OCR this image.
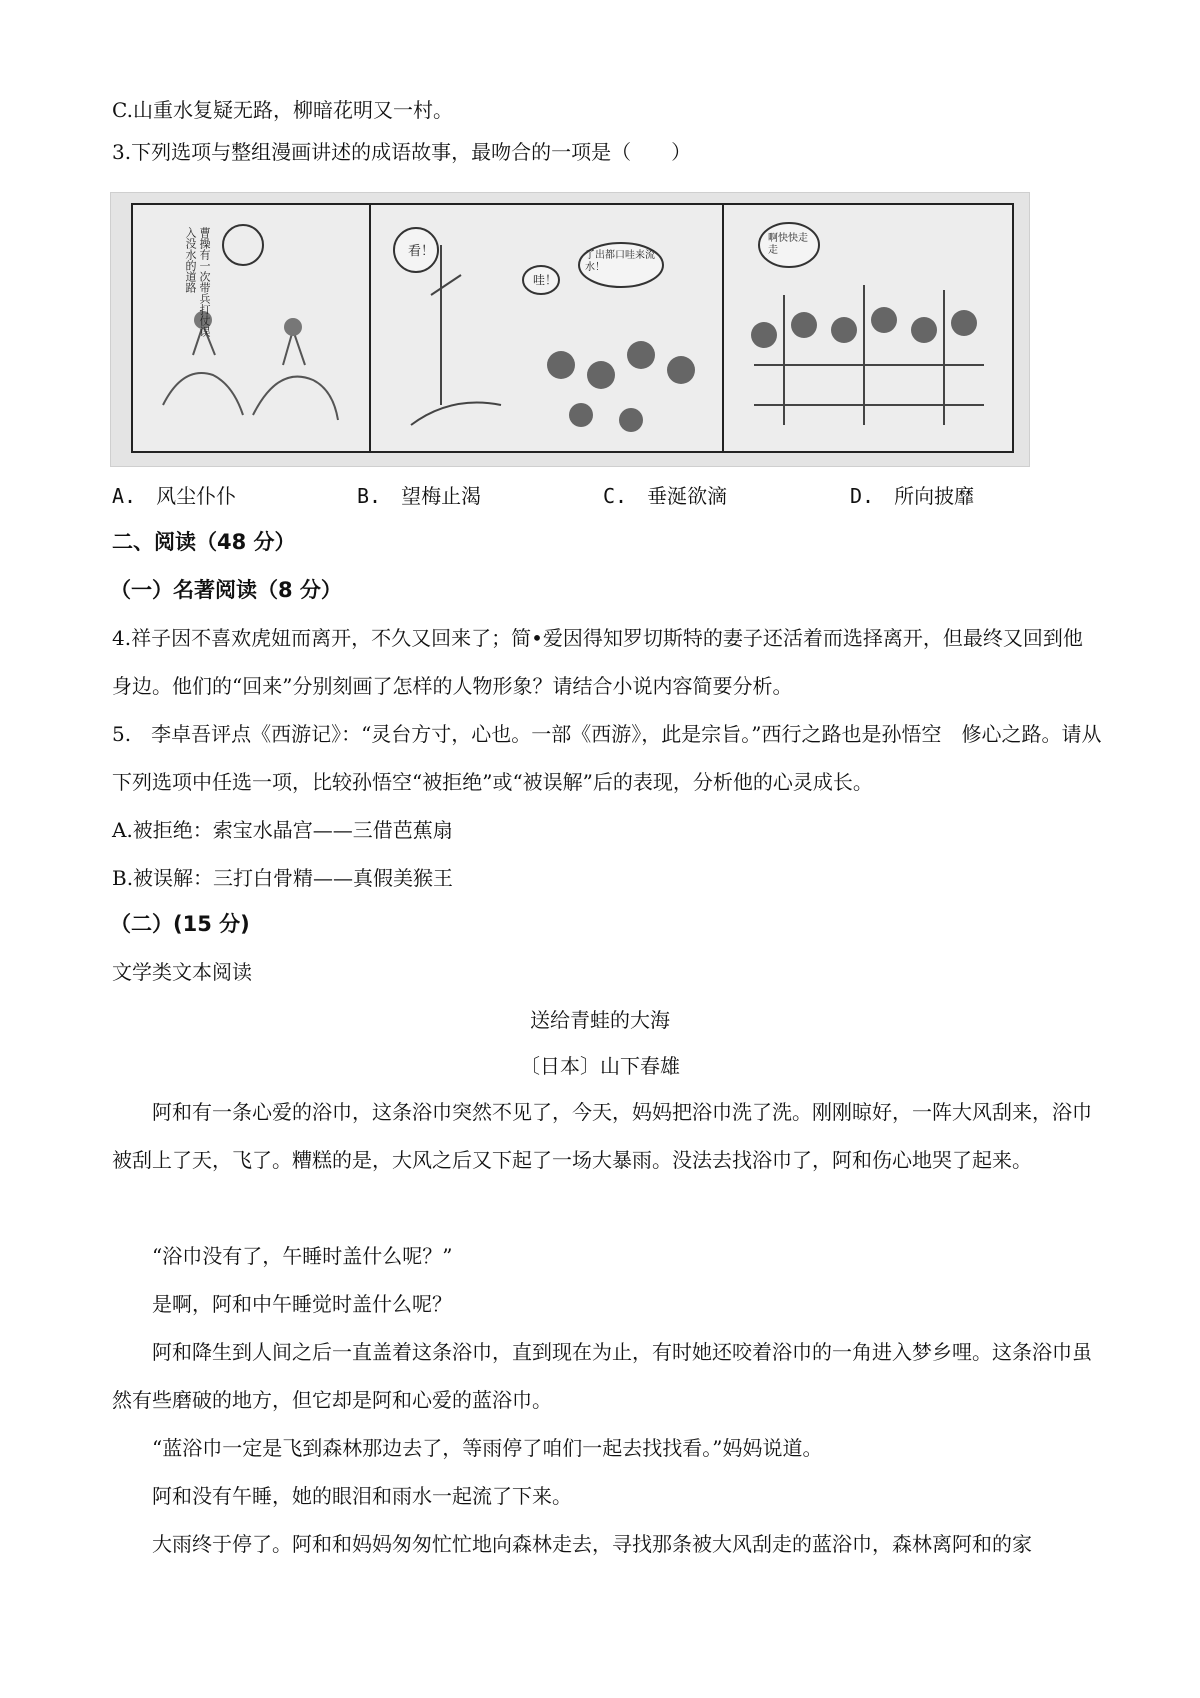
C.山重水复疑无路，柳暗花明又一村。
3.下列选项与整组漫画讲述的成语故事，最吻合的一项是（　　）
曹操有一次带兵打仗误入没水的道路	看！	了出都口哇来流水！
哇！
啊快快走走
A.　风尘仆仆	B.　望梅止渴	C.　垂涎欲滴	D.　所向披靡
二、阅读（48 分）
（一）名著阅读（8 分）
4.祥子因不喜欢虎妞而离开，不久又回来了；简•爱因得知罗切斯特的妻子还活着而选择离开，但最终又回到他身边。他们的“回来”分别刻画了怎样的人物形象？请结合小说内容简要分析。
5.　李卓吾评点《西游记》：“灵台方寸，心也。一部《西游》，此是宗旨。”西行之路也是孙悟空　修心之路。请从下列选项中任选一项，比较孙悟空“被拒绝”或“被误解”后的表现，分析他的心灵成长。
A.被拒绝：索宝水晶宫——三借芭蕉扇
B.被误解：三打白骨精——真假美猴王
（二）(15 分)
文学类文本阅读
送给青蛙的大海
〔日本〕山下春雄
阿和有一条心爱的浴巾，这条浴巾突然不见了，今天，妈妈把浴巾洗了洗。刚刚晾好，一阵大风刮来，浴巾被刮上了天，飞了。糟糕的是，大风之后又下起了一场大暴雨。没法去找浴巾了，阿和伤心地哭了起来。
“浴巾没有了，午睡时盖什么呢？”
是啊，阿和中午睡觉时盖什么呢？
阿和降生到人间之后一直盖着这条浴巾，直到现在为止，有时她还咬着浴巾的一角进入梦乡哩。这条浴巾虽然有些磨破的地方，但它却是阿和心爱的蓝浴巾。
“蓝浴巾一定是飞到森林那边去了，等雨停了咱们一起去找找看。”妈妈说道。
阿和没有午睡，她的眼泪和雨水一起流了下来。
大雨终于停了。阿和和妈妈匆匆忙忙地向森林走去，寻找那条被大风刮走的蓝浴巾，森林离阿和的家
